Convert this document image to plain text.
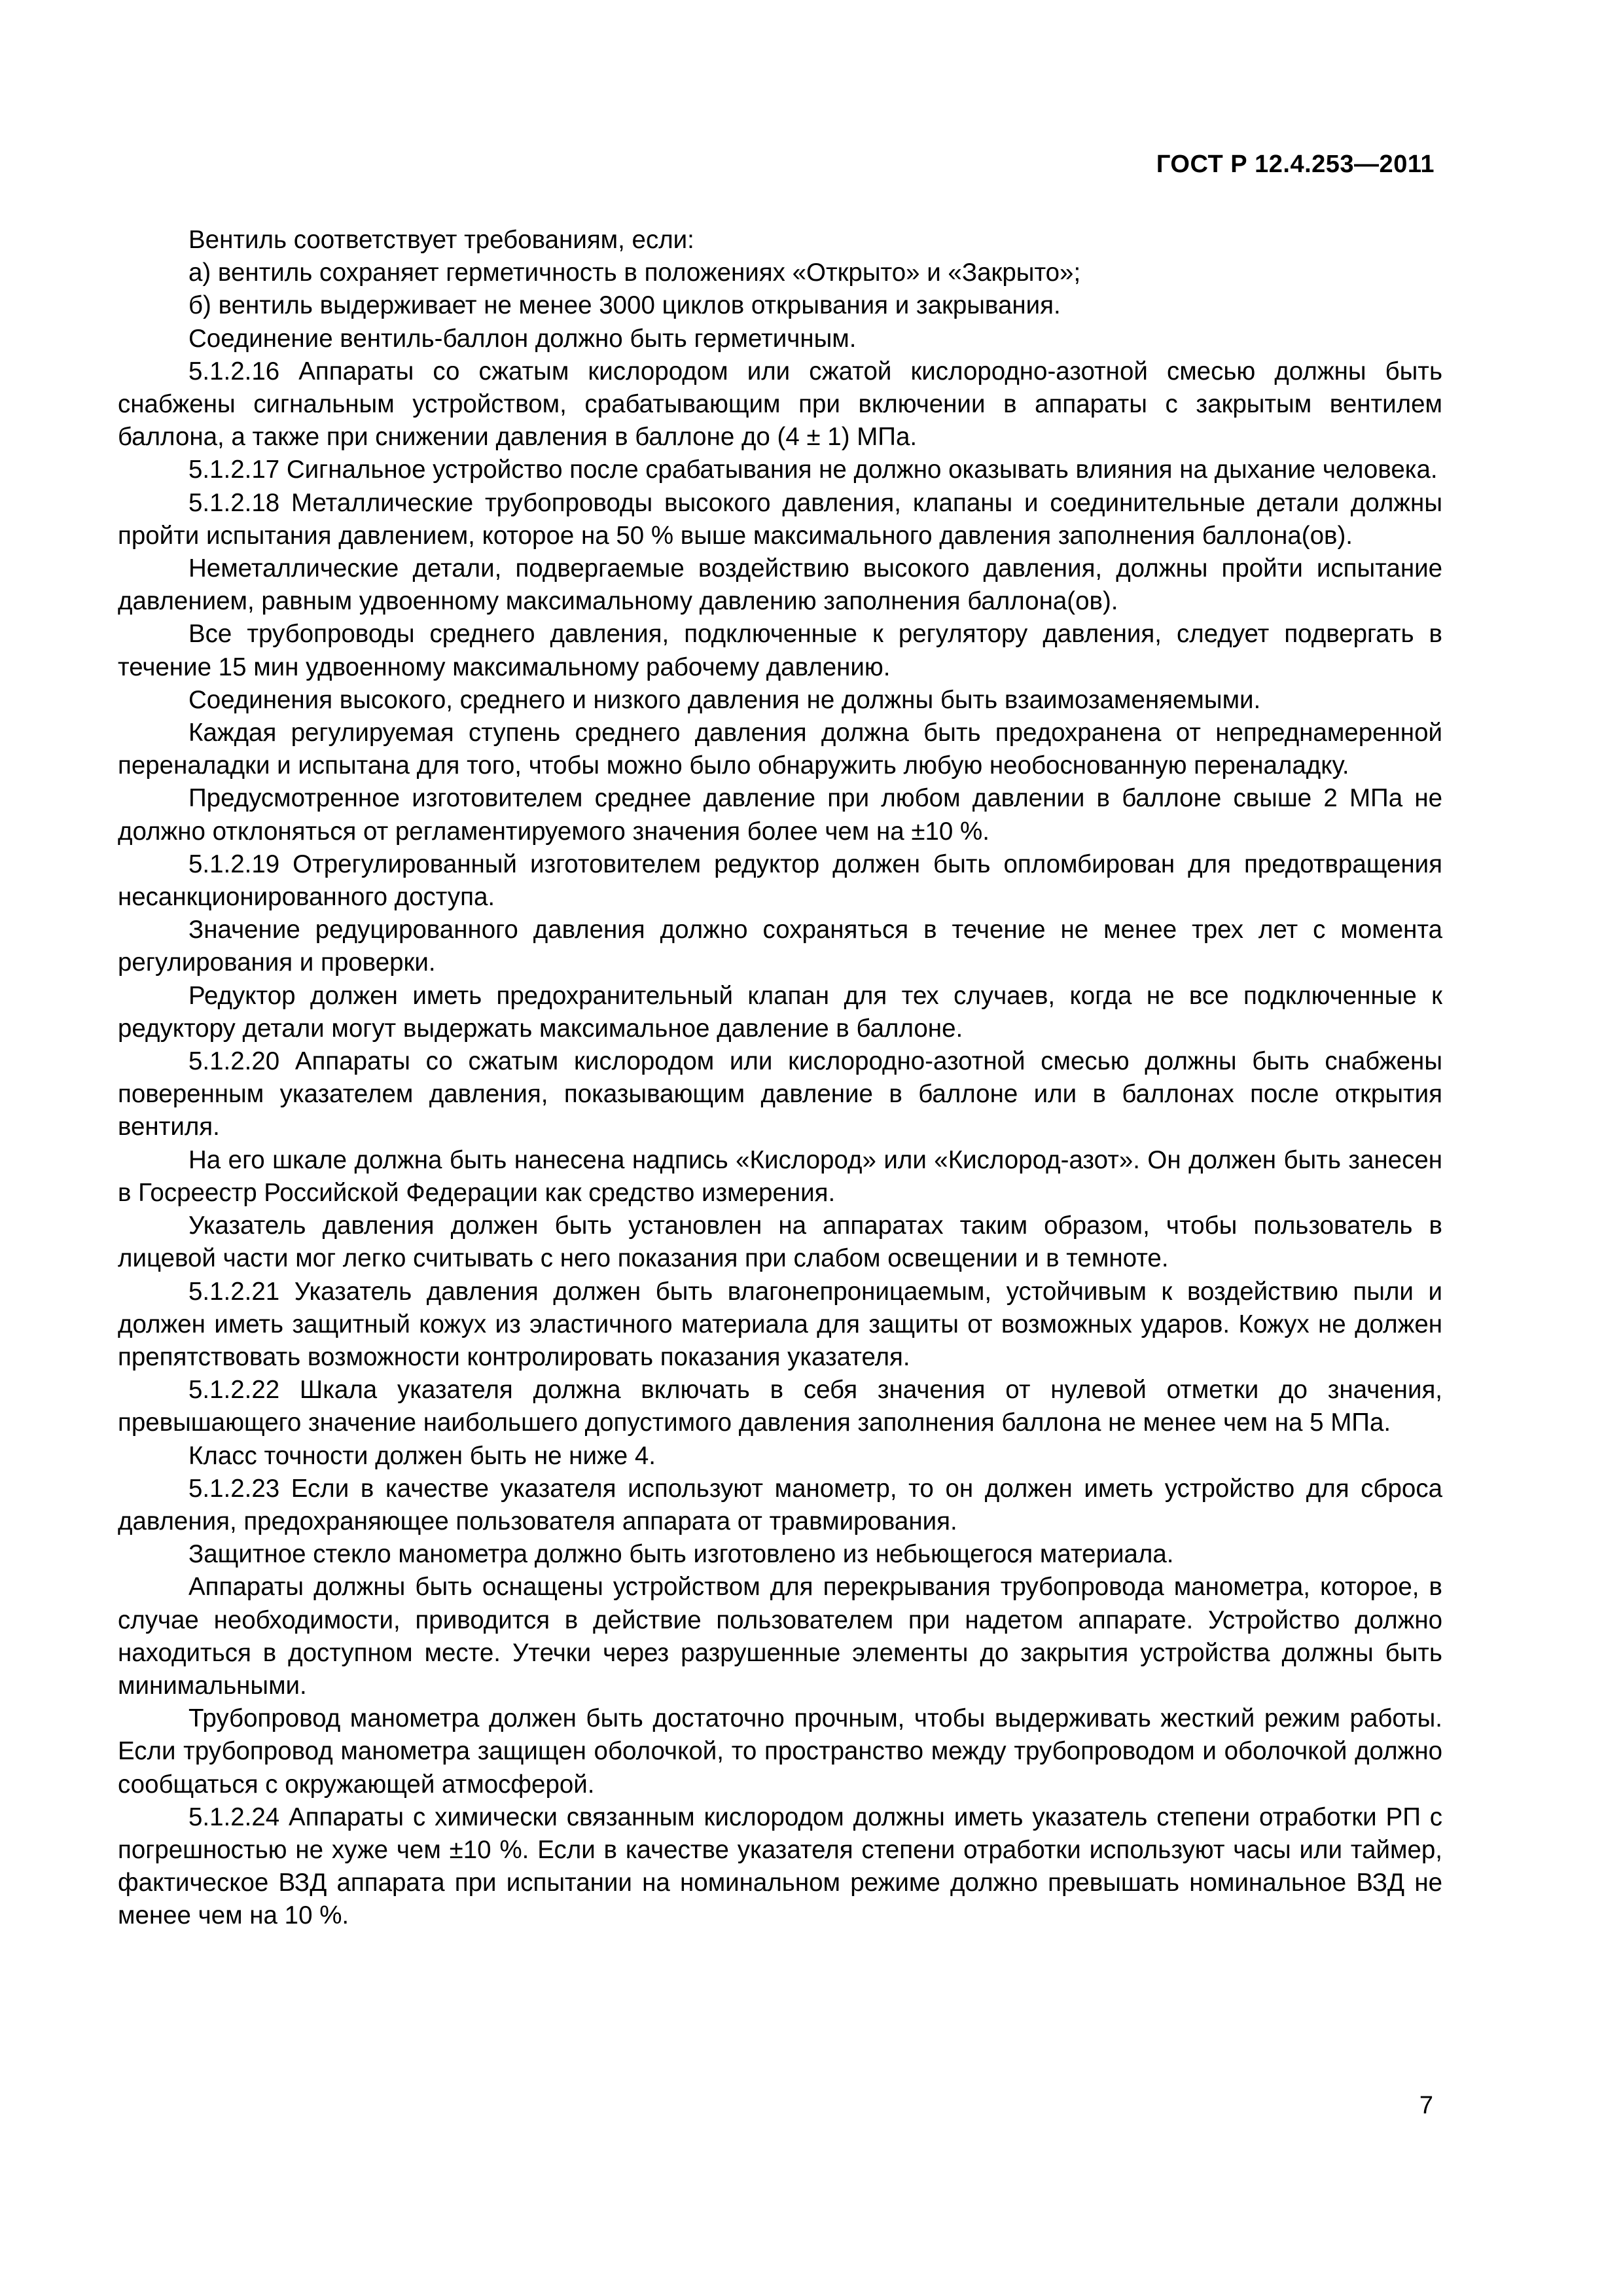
ГОСТ Р 12.4.253—2011

Вентиль соответствует требованиям, если:

а) вентиль сохраняет герметичность в положениях «Открыто» и «Закрыто»;

б) вентиль выдерживает не менее 3000 циклов открывания и закрывания.

Соединение вентиль-баллон должно быть герметичным.

5.1.2.16 Аппараты со сжатым кислородом или сжатой кислородно-азотной смесью должны быть снабжены сигнальным устройством, срабатывающим при включении в аппараты с закрытым вентилем баллона, а также при снижении давления в баллоне до (4 ± 1) МПа.

5.1.2.17 Сигнальное устройство после срабатывания не должно оказывать влияния на дыхание человека.

5.1.2.18 Металлические трубопроводы высокого давления, клапаны и соединительные детали должны пройти испытания давлением, которое на 50 % выше максимального давления заполнения баллона(ов).

Неметаллические детали, подвергаемые воздействию высокого давления, должны пройти испытание давлением, равным удвоенному максимальному давлению заполнения баллона(ов).

Все трубопроводы среднего давления, подключенные к регулятору давления, следует подвергать в течение 15 мин удвоенному максимальному рабочему давлению.

Соединения высокого, среднего и низкого давления не должны быть взаимозаменяемыми.

Каждая регулируемая ступень среднего давления должна быть предохранена от непреднамеренной переналадки и испытана для того, чтобы можно было обнаружить любую необоснованную переналадку.

Предусмотренное изготовителем среднее давление при любом давлении в баллоне свыше 2 МПа не должно отклоняться от регламентируемого значения более чем на ±10 %.

5.1.2.19 Отрегулированный изготовителем редуктор должен быть опломбирован для предотвращения несанкционированного доступа.

Значение редуцированного давления должно сохраняться в течение не менее трех лет с момента регулирования и проверки.

Редуктор должен иметь предохранительный клапан для тех случаев, когда не все подключенные к редуктору детали могут выдержать максимальное давление в баллоне.

5.1.2.20 Аппараты со сжатым кислородом или кислородно-азотной смесью должны быть снабжены поверенным указателем давления, показывающим давление в баллоне или в баллонах после открытия вентиля.

На его шкале должна быть нанесена надпись «Кислород» или «Кислород-азот». Он должен быть занесен в Госреестр Российской Федерации как средство измерения.

Указатель давления должен быть установлен на аппаратах таким образом, чтобы пользователь в лицевой части мог легко считывать с него показания при слабом освещении и в темноте.

5.1.2.21 Указатель давления должен быть влагонепроницаемым, устойчивым к воздействию пыли и должен иметь защитный кожух из эластичного материала для защиты от возможных ударов. Кожух не должен препятствовать возможности контролировать показания указателя.

5.1.2.22 Шкала указателя должна включать в себя значения от нулевой отметки до значения, превышающего значение наибольшего допустимого давления заполнения баллона не менее чем на 5 МПа.

Класс точности должен быть не ниже 4.

5.1.2.23 Если в качестве указателя используют манометр, то он должен иметь устройство для сброса давления, предохраняющее пользователя аппарата от травмирования.

Защитное стекло манометра должно быть изготовлено из небьющегося материала.

Аппараты должны быть оснащены устройством для перекрывания трубопровода манометра, которое, в случае необходимости, приводится в действие пользователем при надетом аппарате. Устройство должно находиться в доступном месте. Утечки через разрушенные элементы до закрытия устройства должны быть минимальными.

Трубопровод манометра должен быть достаточно прочным, чтобы выдерживать жесткий режим работы. Если трубопровод манометра защищен оболочкой, то пространство между трубопроводом и оболочкой должно сообщаться с окружающей атмосферой.

5.1.2.24 Аппараты с химически связанным кислородом должны иметь указатель степени отработки РП с погрешностью не хуже чем ±10 %. Если в качестве указателя степени отработки используют часы или таймер, фактическое ВЗД аппарата при испытании на номинальном режиме должно превышать номинальное ВЗД не менее чем на 10 %.

7
